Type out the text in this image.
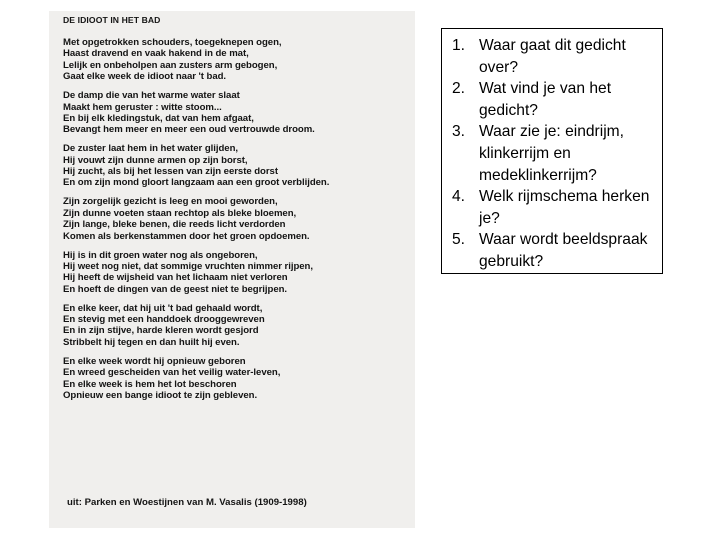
DE IDIOOT IN HET BAD
Met opgetrokken schouders, toegeknepen ogen,
Haast dravend en vaak hakend in de mat,
Lelijk en onbeholpen aan zusters arm gebogen,
Gaat elke week de idioot naar 't bad.
De damp die van het warme water slaat
Maakt hem geruster : witte stoom...
En bij elk kledingstuk, dat van hem afgaat,
Bevangt hem meer en meer een oud vertrouwde droom.
De zuster laat hem in het water glijden,
Hij vouwt zijn dunne armen op zijn borst,
Hij zucht, als bij het lessen van zijn eerste dorst
En om zijn mond gloort langzaam aan een groot verblijden.
Zijn zorgelijk gezicht is leeg en mooi geworden,
Zijn dunne voeten staan rechtop als bleke bloemen,
Zijn lange, bleke benen, die reeds licht verdorden
Komen als berkenstammen door het groen opdoemen.
Hij is in dit groen water nog als ongeboren,
Hij weet nog niet, dat sommige vruchten nimmer rijpen,
Hij heeft de wijsheid van het lichaam niet verloren
En hoeft de dingen van de geest niet te begrijpen.
En elke keer, dat hij uit 't bad gehaald wordt,
En stevig met een handdoek drooggewreven
En in zijn stijve, harde kleren wordt gesjord
Stribbelt hij tegen en dan huilt hij even.
En elke week wordt hij opnieuw geboren
En wreed gescheiden van het veilig water-leven,
En elke week is hem het lot beschoren
Opnieuw een bange idioot te zijn gebleven.
uit: Parken en Woestijnen van M. Vasalis (1909-1998)
1. Waar gaat dit gedicht over?
2. Wat vind je van het gedicht?
3. Waar zie je: eindrijm, klinkerrijm en medeklinkerrijm?
4. Welk rijmschema herken je?
5. Waar wordt beeldspraak gebruikt?
